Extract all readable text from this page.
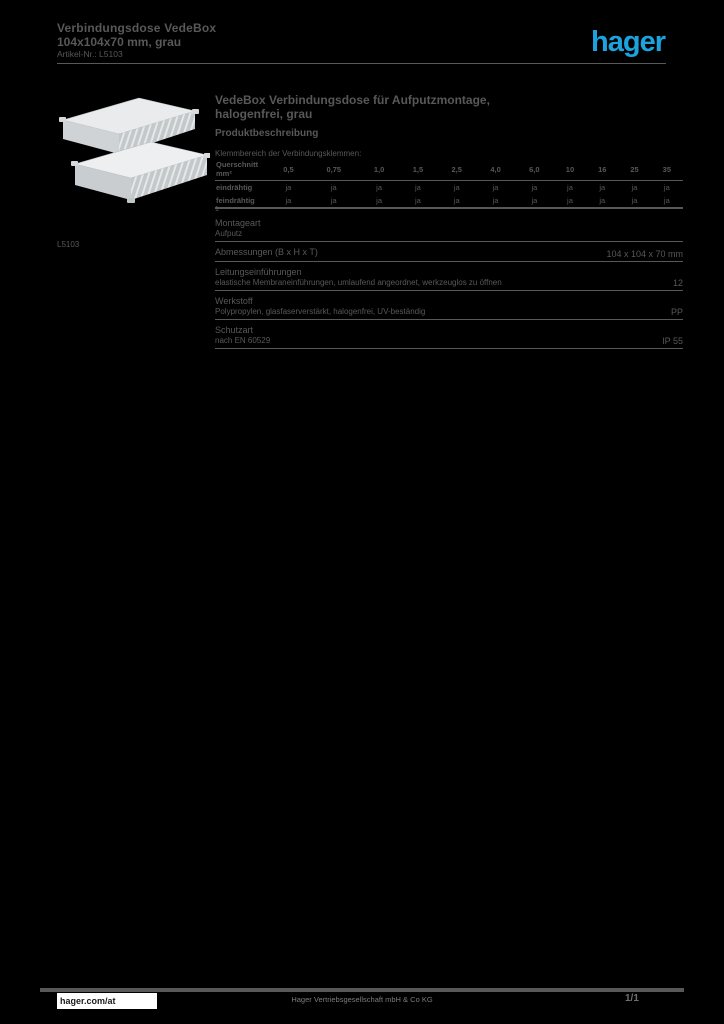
Verbindungsdose VedeBox
104x104x70 mm, grau
Artikel-Nr.: L5103	hager
L5103
VedeBox Verbindungsdose für Aufputzmontage, halogenfrei, grau
Produktbeschreibung
Klemmbereich der Verbindungsklemmen:
Querschnitt mm²	0,5	0,75	1,0	1,5	2,5	4,0	6,0	10	16	25	35
eindrähtig	ja	ja	ja	ja	ja	ja	ja	ja	ja	ja	ja
feindrähtig	ja	ja	ja	ja	ja	ja	ja	ja	ja	ja	ja
1
Montageart
Aufputz
Abmessungen (B x H x T)	104 x 104 x 70 mm
Leitungseinführungen
elastische Membraneinführungen, umlaufend angeordnet, werkzeuglos zu öffnen	12
Werkstoff
Polypropylen, glasfaserverstärkt, halogenfrei, UV-beständig	PP
Schutzart
nach EN 60529	IP 55
hager.com/at	Hager Vertriebsgesellschaft mbH & Co KG	1/1
